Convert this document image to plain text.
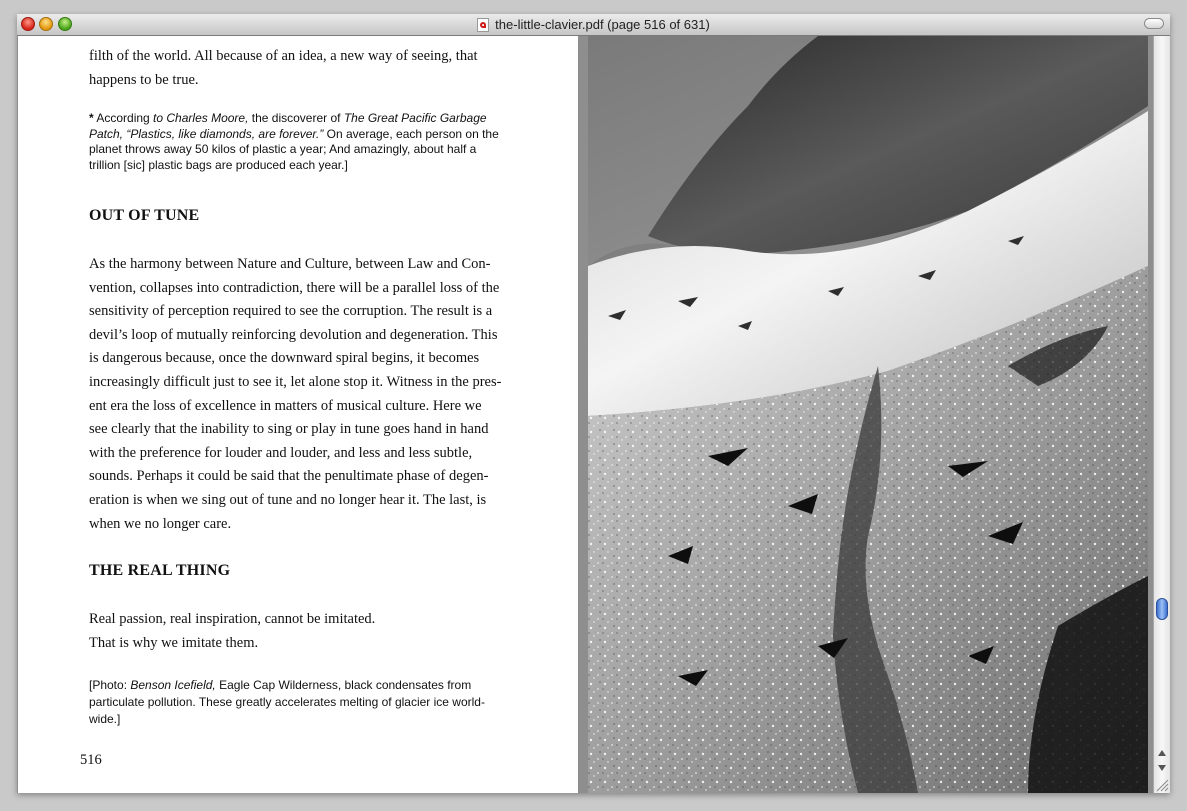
the-little-clavier.pdf (page 516 of 631)

filth of the world. All because of an idea, a new way of seeing, that
happens to be true.

* According to Charles Moore, the discoverer of The Great Pacific Garbage
Patch, “Plastics, like diamonds, are forever.” On average, each person on the
planet throws away 50 kilos of plastic a year; And amazingly, about half a
trillion [sic] plastic bags are produced each year.]

OUT OF TUNE

As the harmony between Nature and Culture, between Law and Con-
vention, collapses into contradiction, there will be a parallel loss of the
sensitivity of perception required to see the corruption. The result is a
devil’s loop of mutually reinforcing devolution and degeneration. This
is dangerous because, once the downward spiral begins, it becomes
increasingly difficult just to see it, let alone stop it. Witness in the pres-
ent era the loss of excellence in matters of musical culture. Here we
see clearly that the inability to sing or play in tune goes hand in hand
with the preference for louder and louder, and less and less subtle,
sounds. Perhaps it could be said that the penultimate phase of degen-
eration is when we sing out of tune and no longer hear it. The last, is
when we no longer care.

THE REAL THING

Real passion, real inspiration, cannot be imitated.
That is why we imitate them.

[Photo: Benson Icefield, Eagle Cap Wilderness, black condensates from
particulate pollution. These greatly accelerates melting of glacier ice world-
wide.]

516
